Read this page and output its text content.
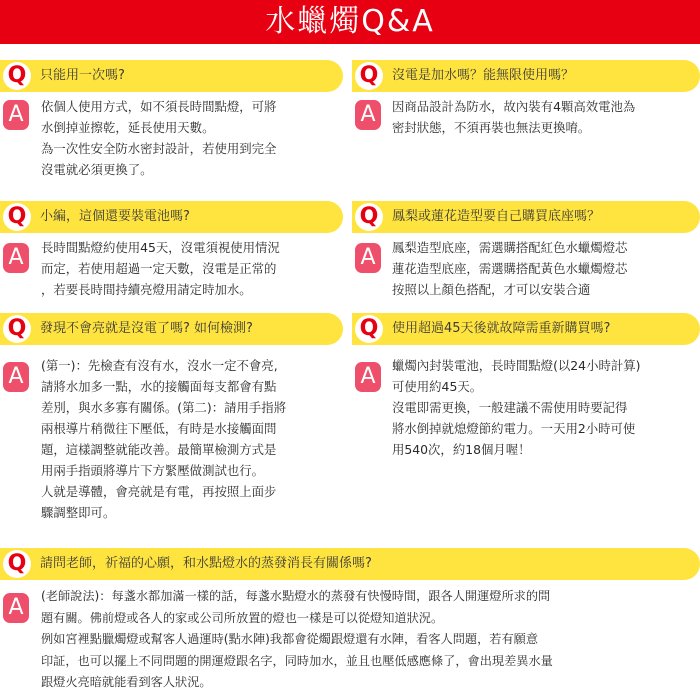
水蠟燭Q&A
Q	只能用一次嗎?
A	依個人使用方式，如不須長時間點燈，可將

水倒掉並擦乾，延長使用天數。

為一次性安全防水密封設計，若使用到完全

沒電就必須更換了。

Q	沒電是加水嗎？能無限使用嗎？
A	因商品設計為防水，故內裝有4顆高效電池為

密封狀態，不須再裝也無法更換唷。

Q	小編，這個還要裝電池嗎?
A	長時間點燈約使用45天，沒電須視使用情況

而定，若使用超過一定天數，沒電是正常的

，若要長時間持續亮燈用請定時加水。

Q	鳳梨或蓮花造型要自己購買底座嗎？
A	鳳梨造型底座，需選購搭配紅色水蠟燭燈芯

蓮花造型底座，需選購搭配黃色水蠟燭燈芯

按照以上顏色搭配，才可以安裝合適

Q	發現不會亮就是沒電了嗎? 如何檢測?
A	(第一)：先檢查有沒有水，沒水一定不會亮,

請將水加多一點，水的接觸面每支都會有點

差別，與水多寡有關係。(第二)：請用手指將

兩根導片稍微往下壓低，有時是水接觸面問

題，這樣調整就能改善。最簡單檢測方式是

用兩手指頭將導片下方緊壓做測試也行。

人就是導體，會亮就是有電，再按照上面步

驟調整即可。

Q	使用超過45天後就故障需重新購買嗎?
A	蠟燭內封裝電池，長時間點燈(以24小時計算)

可使用約45天。

沒電即需更換，一般建議不需使用時要記得

將水倒掉就熄燈節約電力。一天用2小時可使

用540次，約18個月喔！

Q	請問老師，祈福的心願，和水點燈水的蒸發消長有關係嗎?
A	(老師說法)：每盞水都加滿一樣的話，每盞水點燈水的蒸發有快慢時間，跟各人開運燈所求的問

題有關。佛前燈或各人的家或公司所放置的燈也一樣是可以從燈知道狀況。

例如宮裡點臘燭燈或幫客人過運時(點水陣)我都會從燭跟燈還有水陣，看客人問題，若有願意

印証，也可以擺上不同問題的開運燈跟名字，同時加水，並且也壓低感應條了，會出現差異水量

跟燈火亮暗就能看到客人狀況。
